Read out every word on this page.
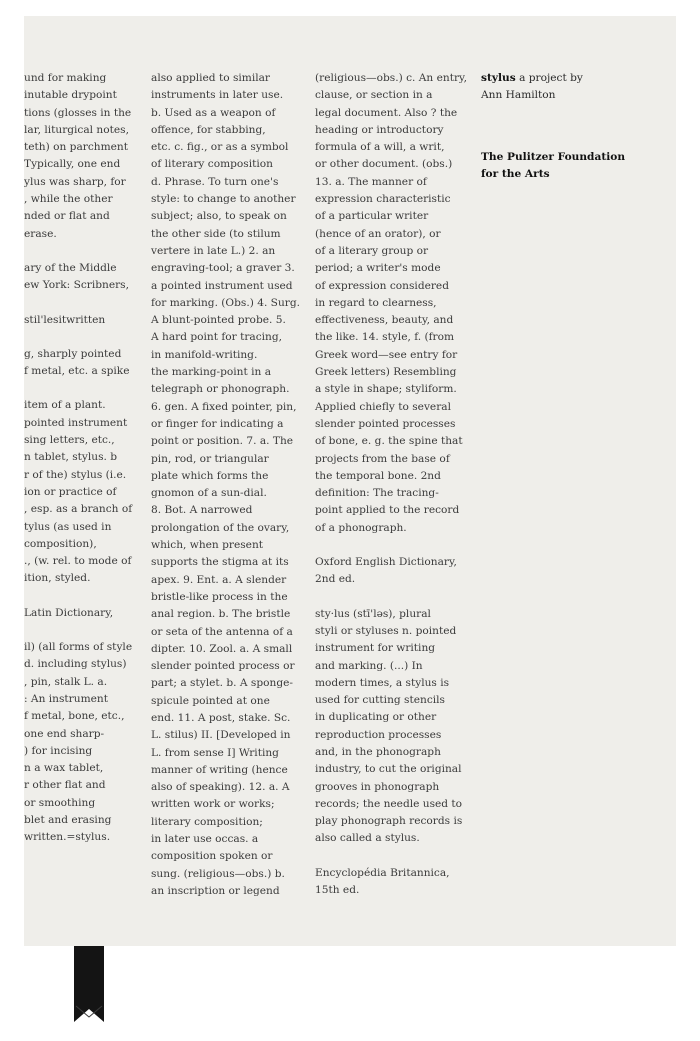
und for making
inutable drypoint
tions (glosses in the
lar, liturgical notes,
teth) on parchment
Typically, one end
ylus was sharp, for
, while the other
nded or flat and
erase.

ary of the Middle
ew York: Scribners,

stil'lesitwritten

g, sharply pointed
f metal, etc. a spike

item of a plant.
pointed instrument
sing letters, etc.,
n tablet, stylus. b
r of the) stylus (i.e.
ion or practice of
, esp. as a branch of
tylus (as used in
composition),
., (w. rel. to mode of
ition, styled.

Latin Dictionary,

il) (all forms of style
d. including stylus)
, pin, stalk L. a.
: An instrument
f metal, bone, etc.,
one end sharp-
) for incising
n a wax tablet,
r other flat and
or smoothing
blet and erasing
written.=stylus.

also applied to similar
instruments in later use.
b. Used as a weapon of
offence, for stabbing,
etc. c. fig., or as a symbol
of literary composition
d. Phrase. To turn one's
style: to change to another
subject; also, to speak on
the other side (to stilum
vertere in late L.) 2. an
engraving-tool; a graver 3.
a pointed instrument used
for marking. (Obs.) 4. Surg.
A blunt-pointed probe. 5.
A hard point for tracing,
in manifold-writing.
the marking-point in a
telegraph or phonograph.
6. gen. A fixed pointer, pin,
or finger for indicating a
point or position. 7. a. The
pin, rod, or triangular
plate which forms the
gnomon of a sun-dial.
8. Bot. A narrowed
prolongation of the ovary,
which, when present
supports the stigma at its
apex. 9. Ent. a. A slender
bristle-like process in the
anal region. b. The bristle
or seta of the antenna of a
dipter. 10. Zool. a. A small
slender pointed process or
part; a stylet. b. A sponge-
spicule pointed at one
end. 11. A post, stake. Sc.
L. stilus) II. [Developed in
L. from sense I] Writing
manner of writing (hence
also of speaking). 12. a. A
written work or works;
literary composition;
in later use occas. a
composition spoken or
sung. (religious—obs.) b.
an inscription or legend

(religious—obs.) c. An entry,
clause, or section in a
legal document. Also ? the
heading or introductory
formula of a will, a writ,
or other document. (obs.)
13. a. The manner of
expression characteristic
of a particular writer
(hence of an orator), or
of a literary group or
period; a writer's mode
of expression considered
in regard to clearness,
effectiveness, beauty, and
the like. 14. style, f. (from
Greek word—see entry for
Greek letters) Resembling
a style in shape; styliform.
Applied chiefly to several
slender pointed processes
of bone, e. g. the spine that
projects from the base of
the temporal bone. 2nd
definition: The tracing-
point applied to the record
of a phonograph.

Oxford English Dictionary,
2nd ed.

sty·lus (stī'ləs), plural
styli or styluses n. pointed
instrument for writing
and marking. (...) In
modern times, a stylus is
used for cutting stencils
in duplicating or other
reproduction processes
and, in the phonograph
industry, to cut the original
grooves in phonograph
records; the needle used to
play phonograph records is
also called a stylus.

Encyclopédia Britannica,
15th ed.

stylus a project by
Ann Hamilton
The Pulitzer Foundation
for the Arts
